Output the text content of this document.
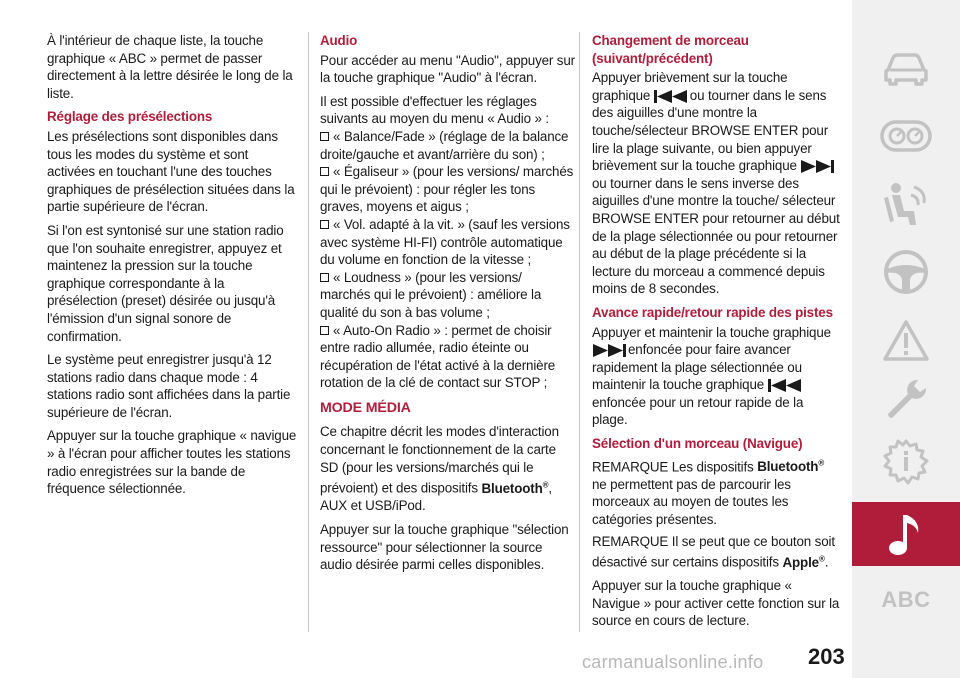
À l'intérieur de chaque liste, la touche graphique « ABC » permet de passer directement à la lettre désirée le long de la liste.

Réglage des présélections

Les présélections sont disponibles dans tous les modes du système et sont activées en touchant l'une des touches graphiques de présélection situées dans la partie supérieure de l'écran.

Si l'on est syntonisé sur une station radio que l'on souhaite enregistrer, appuyez et maintenez la pression sur la touche graphique correspondante à la présélection (preset) désirée ou jusqu'à l'émission d'un signal sonore de confirmation.

Le système peut enregistrer jusqu'à 12 stations radio dans chaque mode : 4 stations radio sont affichées dans la partie supérieure de l'écran.

Appuyer sur la touche graphique « navigue » à l'écran pour afficher toutes les stations radio enregistrées sur la bande de fréquence sélectionnée.

Audio

Pour accéder au menu "Audio", appuyer sur la touche graphique "Audio" à l'écran.

Il est possible d'effectuer les réglages suivants au moyen du menu « Audio » :

« Balance/Fade » (réglage de la balance droite/gauche et avant/arrière du son) ;

« Égaliseur » (pour les versions/ marchés qui le prévoient) : pour régler les tons graves, moyens et aigus ;

« Vol. adapté à la vit. » (sauf les versions avec système HI-FI) contrôle automatique du volume en fonction de la vitesse ;

« Loudness » (pour les versions/ marchés qui le prévoient) : améliore la qualité du son à bas volume ;

« Auto-On Radio » : permet de choisir entre radio allumée, radio éteinte ou récupération de l'état activé à la dernière rotation de la clé de contact sur STOP ;

MODE MÉDIA

Ce chapitre décrit les modes d'interaction concernant le fonctionnement de la carte SD (pour les versions/marchés qui le prévoient) et des dispositifs Bluetooth®, AUX et USB/iPod.

Appuyer sur la touche graphique "sélection ressource" pour sélectionner la source audio désirée parmi celles disponibles.

Changement de morceau (suivant/précédent)

Appuyer brièvement sur la touche graphique	ou tourner dans le sens des aiguilles d'une montre la touche/sélecteur BROWSE ENTER pour lire la plage suivante, ou bien appuyer brièvement sur la touche graphique
ou tourner dans le sens inverse des aiguilles d'une montre la touche/ sélecteur BROWSE ENTER pour retourner au début de la plage sélectionnée ou pour retourner au début de la plage précédente si la lecture du morceau a commencé depuis moins de 8 secondes.

Avance rapide/retour rapide des pistes

Appuyer et maintenir la touche graphique
enfoncée pour faire avancer rapidement la plage sélectionnée ou maintenir la touche graphique
enfoncée pour un retour rapide de la plage.

Sélection d'un morceau (Navigue)

REMARQUE Les dispositifs Bluetooth® ne permettent pas de parcourir les morceaux au moyen de toutes les catégories présentes.

REMARQUE Il se peut que ce bouton soit désactivé sur certains dispositifs Apple®.

Appuyer sur la touche graphique « Navigue » pour activer cette fonction sur la source en cours de lecture.

ABC
203
carmanualsonline.info
